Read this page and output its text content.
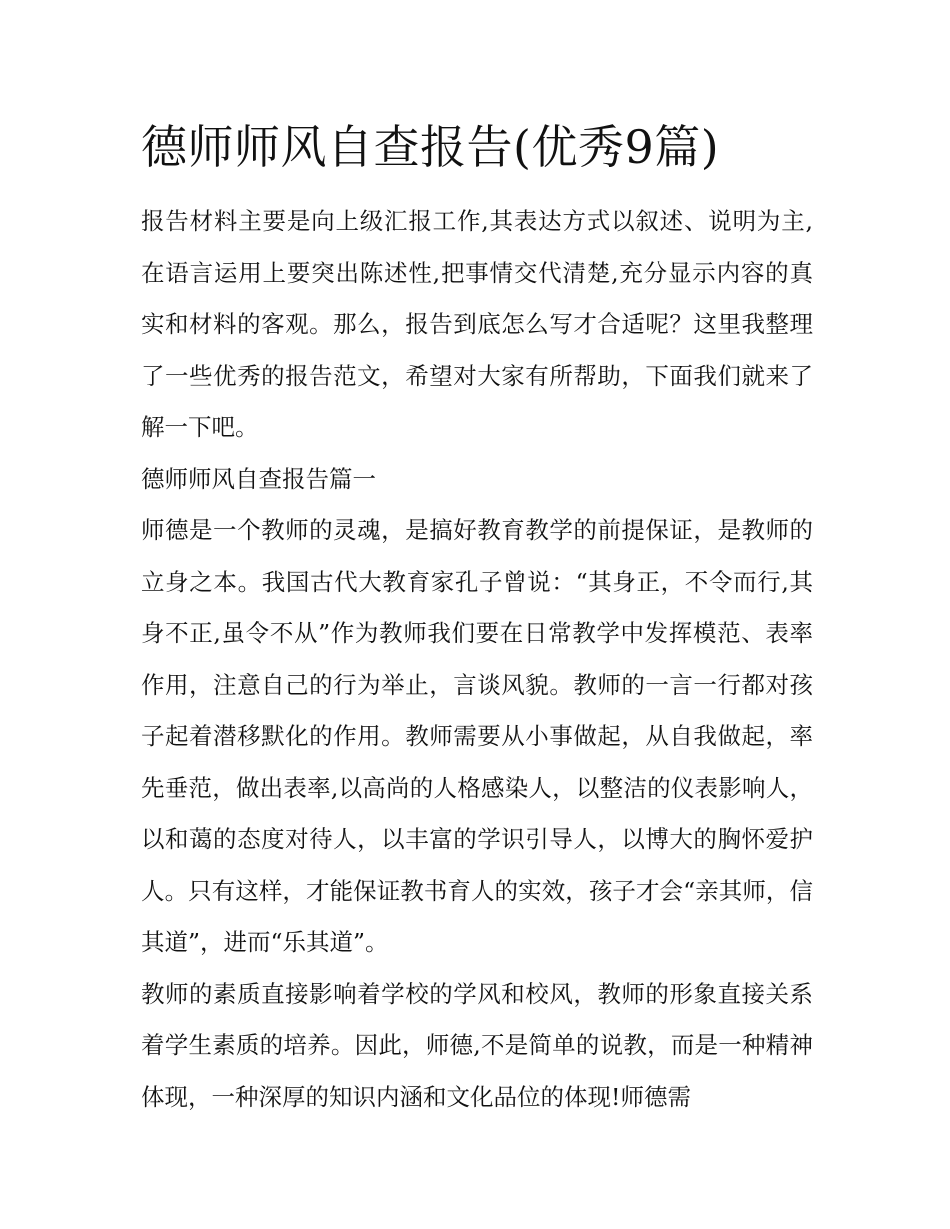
德师师风自查报告(优秀9篇)

报告材料主要是向上级汇报工作,其表达方式以叙述、说明为主,在语言运用上要突出陈述性,把事情交代清楚,充分显示内容的真实和材料的客观。那么，报告到底怎么写才合适呢？这里我整理了一些优秀的报告范文，希望对大家有所帮助，下面我们就来了解一下吧。

德师师风自查报告篇一

师德是一个教师的灵魂，是搞好教育教学的前提保证，是教师的立身之本。我国古代大教育家孔子曾说：“其身正，不令而行,其身不正,虽令不从”作为教师我们要在日常教学中发挥模范、表率作用，注意自己的行为举止，言谈风貌。教师的一言一行都对孩子起着潜移默化的作用。教师需要从小事做起，从自我做起，率先垂范，做出表率,以高尚的人格感染人，以整洁的仪表影响人，以和蔼的态度对待人，以丰富的学识引导人，以博大的胸怀爱护人。只有这样，才能保证教书育人的实效，孩子才会“亲其师，信其道”，进而“乐其道”。

教师的素质直接影响着学校的学风和校风，教师的形象直接关系着学生素质的培养。因此，师德,不是简单的说教，而是一种精神体现，一种深厚的知识内涵和文化品位的体现!师德需
